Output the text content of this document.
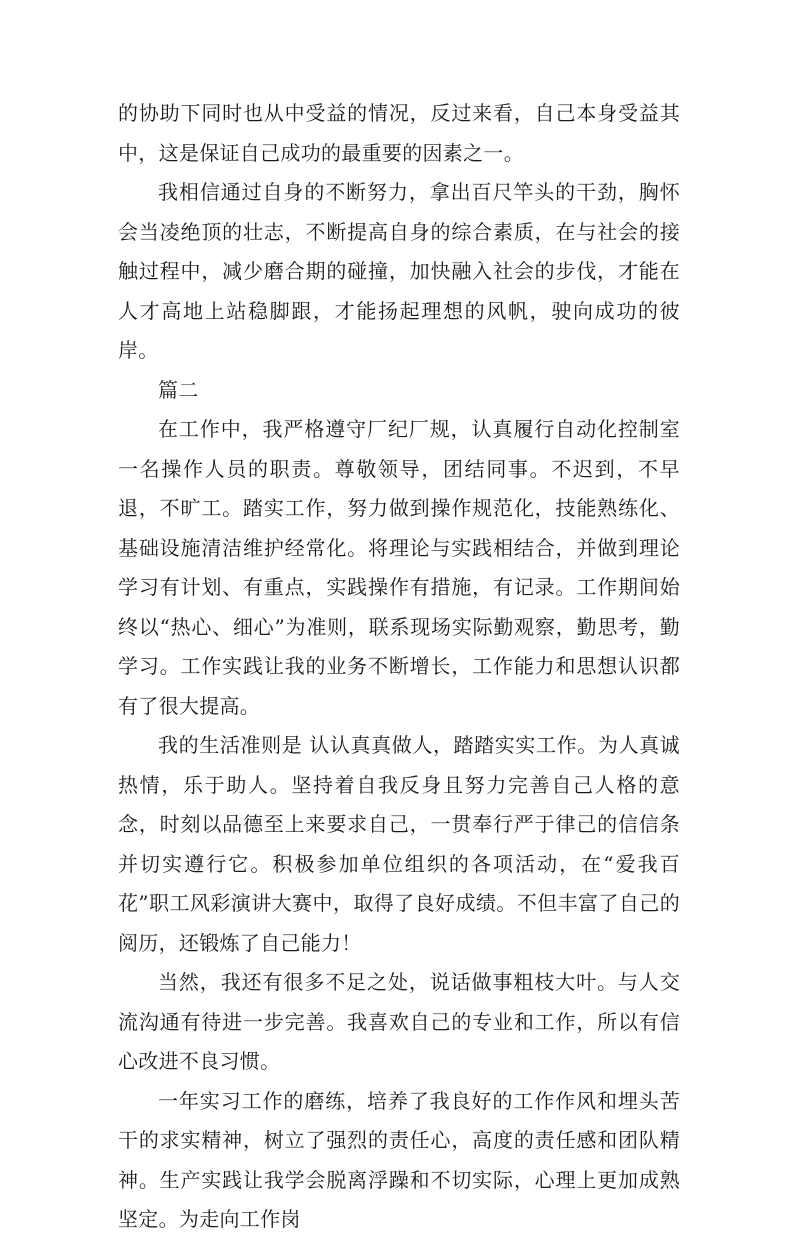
的协助下同时也从中受益的情况，反过来看，自己本身受益其中，这是保证自己成功的最重要的因素之一。

我相信通过自身的不断努力，拿出百尺竿头的干劲，胸怀会当凌绝顶的壮志，不断提高自身的综合素质，在与社会的接触过程中，减少磨合期的碰撞，加快融入社会的步伐，才能在人才高地上站稳脚跟，才能扬起理想的风帆，驶向成功的彼岸。

篇二

在工作中，我严格遵守厂纪厂规，认真履行自动化控制室一名操作人员的职责。尊敬领导，团结同事。不迟到，不早退，不旷工。踏实工作，努力做到操作规范化，技能熟练化、基础设施清洁维护经常化。将理论与实践相结合，并做到理论学习有计划、有重点，实践操作有措施，有记录。工作期间始终以“热心、细心”为准则，联系现场实际勤观察，勤思考，勤学习。工作实践让我的业务不断增长，工作能力和思想认识都有了很大提高。

我的生活准则是 认认真真做人，踏踏实实工作。为人真诚热情，乐于助人。坚持着自我反身且努力完善自己人格的意念，时刻以品德至上来要求自己，一贯奉行严于律己的信信条并切实遵行它。积极参加单位组织的各项活动，在“爱我百花”职工风彩演讲大赛中，取得了良好成绩。不但丰富了自己的阅历，还锻炼了自己能力！

当然，我还有很多不足之处，说话做事粗枝大叶。与人交流沟通有待进一步完善。我喜欢自己的专业和工作，所以有信心改进不良习惯。

一年实习工作的磨练，培养了我良好的工作作风和埋头苦干的求实精神，树立了强烈的责任心，高度的责任感和团队精神。生产实践让我学会脱离浮躁和不切实际，心理上更加成熟坚定。为走向工作岗
